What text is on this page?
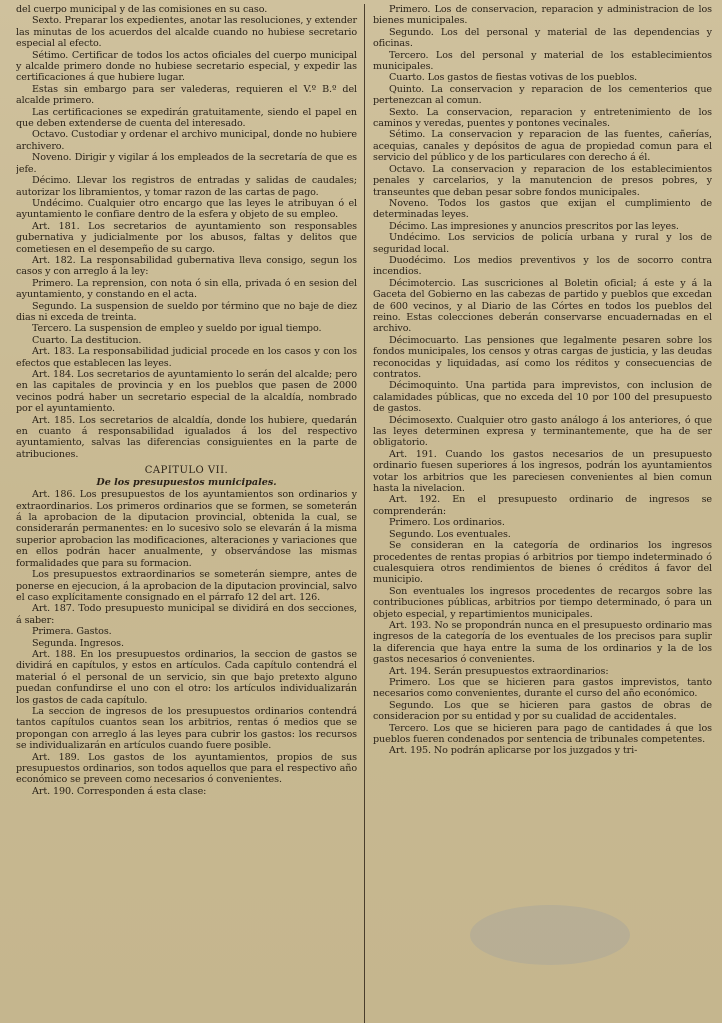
del cuerpo municipal y de las comisiones en su caso.

Sexto. Preparar los expedientes, anotar las resoluciones, y extender las minutas de los acuerdos del alcalde cuando no hubiese secretario especial al efecto.

Sétimo. Certificar de todos los actos oficiales del cuerpo municipal y alcalde primero donde no hubiese secretario especial, y expedir las certificaciones á que hubiere lugar.

Estas sin embargo para ser valederas, requieren el V.º B.º del alcalde primero.

Las certificaciones se expedirán gratuitamente, siendo el papel en que deben extenderse de cuenta del interesado.

Octavo. Custodiar y ordenar el archivo municipal, donde no hubiere archivero.

Noveno. Dirigir y vigilar á los empleados de la secretaría de que es jefe.

Décimo. Llevar los registros de entradas y salidas de caudales; autorizar los libramientos, y tomar razon de las cartas de pago.

Undécimo. Cualquier otro encargo que las leyes le atribuyan ó el ayuntamiento le confiare dentro de la esfera y objeto de su empleo.

Art. 181. Los secretarios de ayuntamiento son responsables gubernativa y judicialmente por los abusos, faltas y delitos que cometiesen en el desempeño de su cargo.

Art. 182. La responsabilidad gubernativa lleva consigo, segun los casos y con arreglo á la ley:

Primero. La reprension, con nota ó sin ella, privada ó en sesion del ayuntamiento, y constando en el acta.

Segundo. La suspension de sueldo por término que no baje de diez dias ni exceda de treinta.

Tercero. La suspension de empleo y sueldo por igual tiempo.

Cuarto. La destitucion.

Art. 183. La responsabilidad judicial procede en los casos y con los efectos que establecen las leyes.

Art. 184. Los secretarios de ayuntamiento lo serán del alcalde; pero en las capitales de provincia y en los pueblos que pasen de 2000 vecinos podrá haber un secretario especial de la alcaldía, nombrado por el ayuntamiento.

Art. 185. Los secretarios de alcaldía, donde los hubiere, quedarán en cuanto á responsabilidad igualados á los del respectivo ayuntamiento, salvas las diferencias consiguientes en la parte de atribuciones.

CAPITULO VII.
De los presupuestos municipales.

Art. 186. Los presupuestos de los ayuntamientos son ordinarios y extraordinarios. Los primeros ordinarios que se formen, se someterán á la aprobacion de la diputacion provincial, obtenida la cual, se considerarán permanentes: en lo sucesivo solo se elevarán á la misma superior aprobacion las modificaciones, alteraciones y variaciones que en ellos podrán hacer anualmente, y observándose las mismas formalidades que para su formacion.

Los presupuestos extraordinarios se someterán siempre, antes de ponerse en ejecucion, á la aprobacion de la diputacion provincial, salvo el caso explícitamente consignado en el párrafo 12 del art. 126.

Art. 187. Todo presupuesto municipal se dividirá en dos secciones, á saber:

Primera. Gastos.

Segunda. Ingresos.

Art. 188. En los presupuestos ordinarios, la seccion de gastos se dividirá en capítulos, y estos en artículos. Cada capítulo contendrá el material ó el personal de un servicio, sin que bajo pretexto alguno puedan confundirse el uno con el otro: los artículos individualizarán los gastos de cada capítulo.

La seccion de ingresos de los presupuestos ordinarios contendrá tantos capítulos cuantos sean los arbitrios, rentas ó medios que se propongan con arreglo á las leyes para cubrir los gastos: los recursos se individualizarán en artículos cuando fuere posible.

Art. 189. Los gastos de los ayuntamientos, propios de sus presupuestos ordinarios, son todos aquellos que para el respectivo año económico se preveen como necesarios ó convenientes.

Art. 190. Corresponden á esta clase:

Primero. Los de conservacion, reparacion y administracion de los bienes municipales.

Segundo. Los del personal y material de las dependencias y oficinas.

Tercero. Los del personal y material de los establecimientos municipales.

Cuarto. Los gastos de fiestas votivas de los pueblos.

Quinto. La conservacion y reparacion de los cementerios que pertenezcan al comun.

Sexto. La conservacion, reparacion y entretenimiento de los caminos y veredas, puentes y pontones vecinales.

Sétimo. La conservacion y reparacion de las fuentes, cañerías, acequias, canales y depósitos de agua de propiedad comun para el servicio del público y de los particulares con derecho á él.

Octavo. La conservacion y reparacion de los establecimientos penales y carcelarios, y la manutencion de presos pobres, y transeuntes que deban pesar sobre fondos municipales.

Noveno. Todos los gastos que exijan el cumplimiento de determinadas leyes.

Décimo. Las impresiones y anuncios prescritos por las leyes.

Undécimo. Los servicios de policía urbana y rural y los de seguridad local.

Duodécimo. Los medios preventivos y los de socorro contra incendios.

Décimotercio. Las suscriciones al Boletin oficial; á este y á la Gaceta del Gobierno en las cabezas de partido y pueblos que excedan de 600 vecinos, y al Diario de las Córtes en todos los pueblos del reino. Estas colecciones deberán conservarse encuadernadas en el archivo.

Décimocuarto. Las pensiones que legalmente pesaren sobre los fondos municipales, los censos y otras cargas de justicia, y las deudas reconocidas y liquidadas, así como los réditos y consecuencias de contratos.

Décimoquinto. Una partida para imprevistos, con inclusion de calamidades públicas, que no exceda del 10 por 100 del presupuesto de gastos.

Décimosexto. Cualquier otro gasto análogo á los anteriores, ó que las leyes determinen expresa y terminantemente, que ha de ser obligatorio.

Art. 191. Cuando los gastos necesarios de un presupuesto ordinario fuesen superiores á los ingresos, podrán los ayuntamientos votar los arbitrios que les pareciesen convenientes al bien comun hasta la nivelacion.

Art. 192. En el presupuesto ordinario de ingresos se comprenderán:

Primero. Los ordinarios.

Segundo. Los eventuales.

Se consideran en la categoría de ordinarios los ingresos procedentes de rentas propias ó arbitrios por tiempo indeterminado ó cualesquiera otros rendimientos de bienes ó créditos á favor del municipio.

Son eventuales los ingresos procedentes de recargos sobre las contribuciones públicas, arbitrios por tiempo determinado, ó para un objeto especial, y repartimientos municipales.

Art. 193. No se propondrán nunca en el presupuesto ordinario mas ingresos de la categoría de los eventuales de los precisos para suplir la diferencia que haya entre la suma de los ordinarios y la de los gastos necesarios ó convenientes.

Art. 194. Serán presupuestos extraordinarios:

Primero. Los que se hicieren para gastos imprevistos, tanto necesarios como convenientes, durante el curso del año económico.

Segundo. Los que se hicieren para gastos de obras de consideracion por su entidad y por su cualidad de accidentales.

Tercero. Los que se hicieren para pago de cantidades á que los pueblos fueren condenados por sentencia de tribunales competentes.

Art. 195. No podrán aplicarse por los juzgados y tri-
